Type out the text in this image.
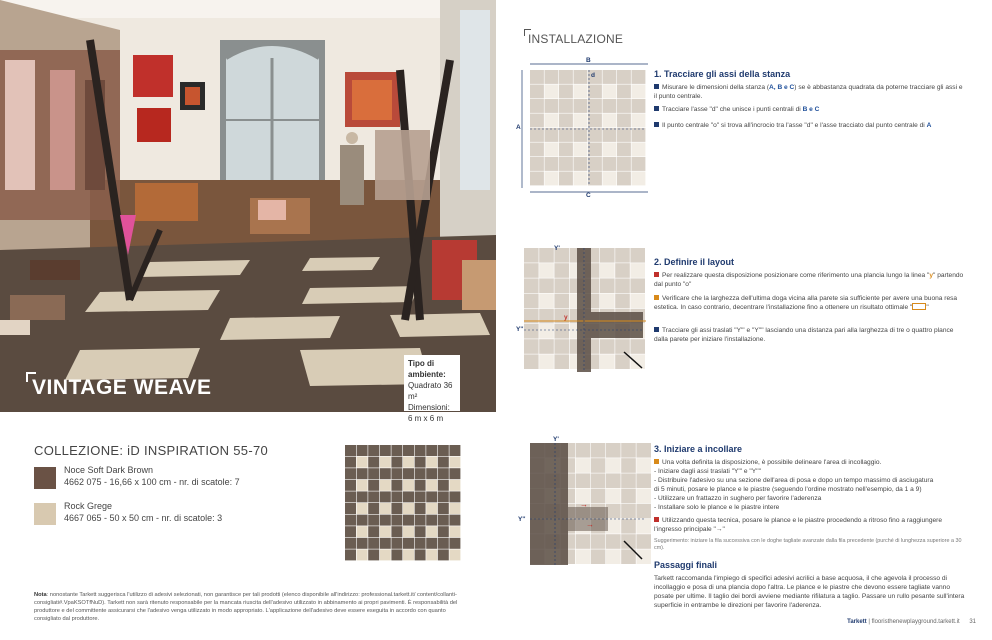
VINTAGE WEAVE
Tipo di ambiente:
Quadrato 36 m²
Dimensioni:
6 m x 6 m
COLLEZIONE: iD INSPIRATION 55-70
Noce Soft Dark Brown
4662 075 - 16,66 x 100 cm - nr. di scatole: 7
Rock Grege
4667 065 - 50 x 50 cm - nr. di scatole: 3
Nota: nonostante Tarkett suggerisca l'utilizzo di adesivi selezionati, non garantisce per tali prodotti (elenco disponibile all'indirizzo: professional.tarkett.it/ content/collanti-consigliati#.VpaKSOTfNuD). Tarkett non sarà ritenuto responsabile per la mancata riuscita dell'adesivo utilizzato in abbinamento ai propri pavimenti. È responsabilità del produttore e del committente assicurarsi che l'adesivo venga utilizzato in modo appropriato. L'applicazione dell'adesivo deve essere eseguita in accordo con quanto consigliato dal produttore.
INSTALLAZIONE
B
A
C
d	1. Tracciare gli assi della stanza
Misurare le dimensioni della stanza (A, B e C) se è abbastanza quadrata da poterne tracciare gli assi e il punto centrale.
Tracciare l'asse "d" che unisce i punti centrali di B e C
Il punto centrale "o" si trova all'incrocio tra l'asse "d" e l'asse tracciato dal punto centrale di A
Y'
Y''
y
2. Definire il layout
Per realizzare questa disposizione posizionare come riferimento una plancia lungo la linea "y" partendo dal punto "o"
Verificare che la larghezza dell'ultima doga vicina alla parete sia sufficiente per avere una buona resa estetica. In caso contrario, decentrare l'installazione fino a ottenere un risultato ottimale " "
Tracciare gli assi traslati "Y'" e "Y''" lasciando una distanza pari alla larghezza di tre o quattro plance dalla parete per iniziare l'installazione.
→
→
Y'
Y''
3. Iniziare a incollare
Una volta definita la disposizione, è possibile delineare l'area di incollaggio.
- Iniziare dagli assi traslati "Y'" e "Y''"
- Distribuire l'adesivo su una sezione dell'area di posa e dopo un tempo massimo di asciugatura
di 5 minuti, posare le plance e le piastre (seguendo l'ordine mostrato nell'esempio, da 1 a 9)
- Utilizzare un frattazzo in sughero per favorire l'aderenza
- Installare solo le plance e le piastre intere
Utilizzando questa tecnica, posare le plance e le piastre procedendo a ritroso fino a raggiungere l'ingresso principale "→"
Suggerimento: iniziare la fila successiva con le doghe tagliate avanzate dalla fila precedente (purché di lunghezza superiore a 30 cm).
Passaggi finali
Tarkett raccomanda l'impiego di specifici adesivi acrilici a base acquosa, il che agevola il processo di incollaggio e posa di una plancia dopo l'altra. Le plance e le piastre che devono essere tagliate vanno posate per ultime. Il taglio dei bordi avviene mediante rifilatura a taglio. Passare un rullo pesante sull'intera superficie in entrambe le direzioni per favorire l'aderenza.
Tarkett | flooristhenewplayground.tarkett.it 31
